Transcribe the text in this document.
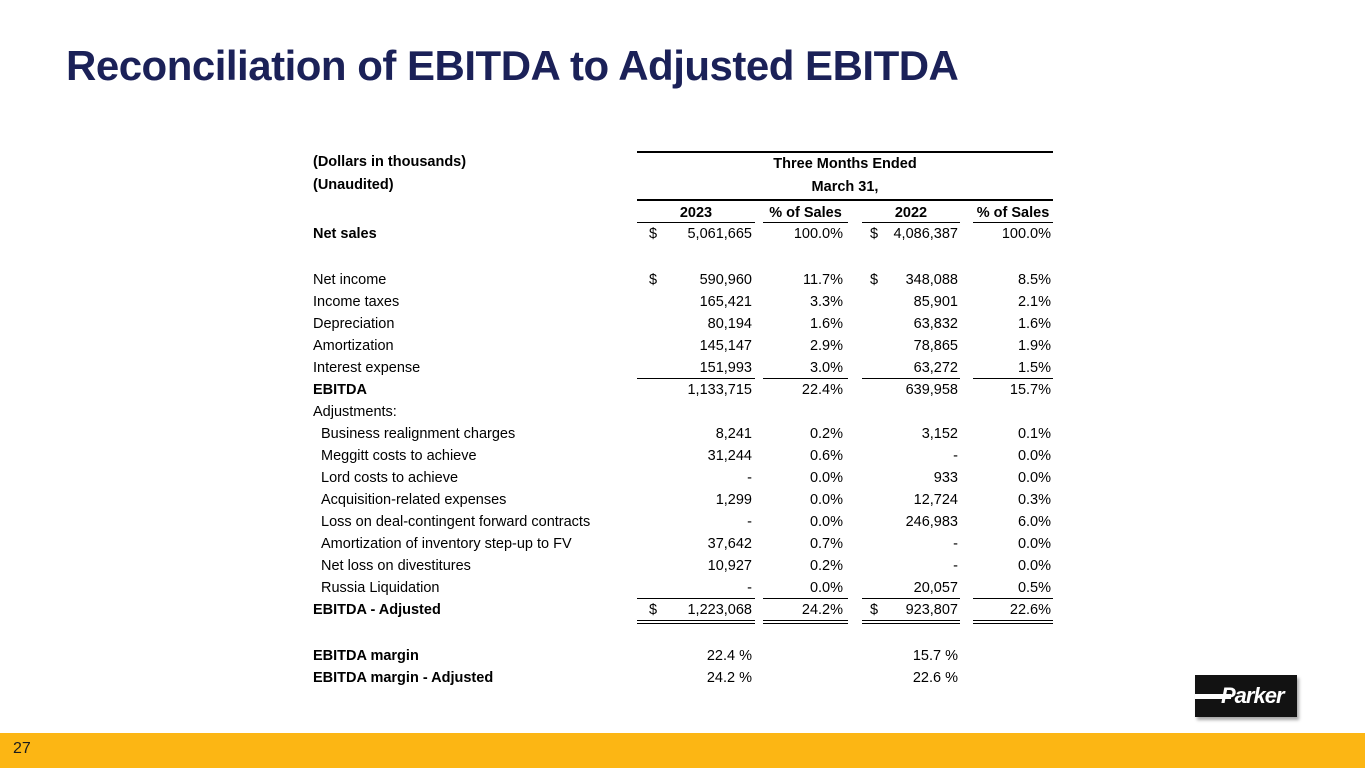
Reconciliation of EBITDA to Adjusted EBITDA
(Dollars in thousands)
(Unaudited)
Three Months Ended
March 31,
2023	% of Sales	2022	% of Sales
Net sales	$ 5,061,665	100.0%	$ 4,086,387	100.0%
Net income	$	590,960	11.7%	$ 348,088	8.5%
Income taxes	165,421	3.3%	85,901	2.1%
Depreciation	80,194	1.6%	63,832	1.6%
Amortization	145,147	2.9%	78,865	1.9%
Interest expense	151,993	3.0%	63,272	1.5%
EBITDA	1,133,715	22.4%	639,958	15.7%
Adjustments:
Business realignment charges	8,241	0.2%	3,152	0.1%
Meggitt costs to achieve	31,244	0.6%	-	0.0%
Lord costs to achieve	-	0.0%	933	0.0%
Acquisition-related expenses	1,299	0.0%	12,724	0.3%
Loss on deal-contingent forward contracts	-	0.0%	246,983	6.0%
Amortization of inventory step-up to FV	37,642	0.7%	-	0.0%
Net loss on divestitures	10,927	0.2%	-	0.0%
Russia Liquidation	-	0.0%	20,057	0.5%
EBITDA - Adjusted	$ 1,223,068	24.2%	$ 923,807	22.6%
EBITDA margin	22.4 %	15.7 %
EBITDA margin - Adjusted	24.2 %	22.6 %
Parker
27
